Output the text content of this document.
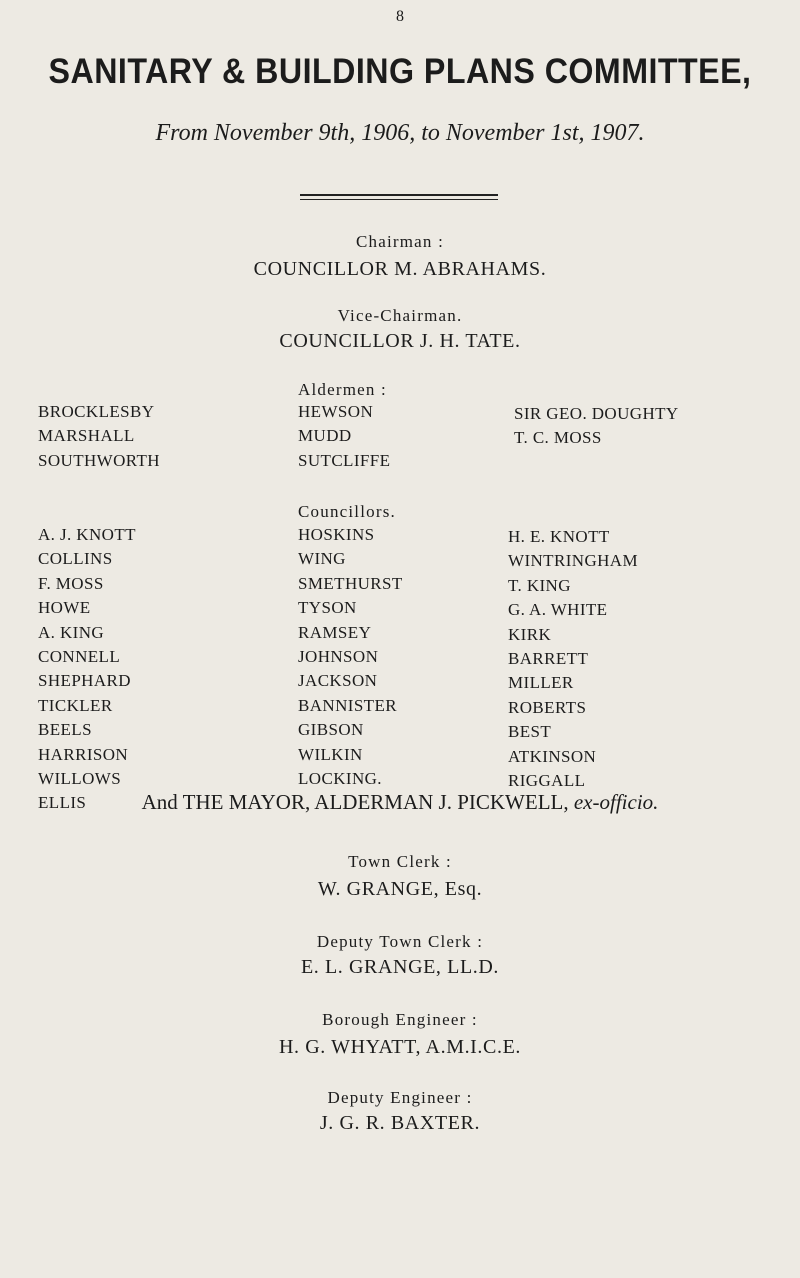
8
SANITARY & BUILDING PLANS COMMITTEE,
From November 9th, 1906, to November 1st, 1907.
Chairman :
COUNCILLOR M. ABRAHAMS.
Vice-Chairman.
COUNCILLOR J. H. TATE.
Aldermen :
BROCKLESBY
MARSHALL
SOUTHWORTH
HEWSON
MUDD
SUTCLIFFE
SIR GEO. DOUGHTY
T. C. MOSS
Councillors.
A. J. KNOTT
COLLINS
F. MOSS
HOWE
A. KING
CONNELL
SHEPHARD
TICKLER
BEELS
HARRISON
WILLOWS
ELLIS
HOSKINS
WING
SMETHURST
TYSON
RAMSEY
JOHNSON
JACKSON
BANNISTER
GIBSON
WILKIN
LOCKING.
H. E. KNOTT
WINTRINGHAM
T. KING
G. A. WHITE
KIRK
BARRETT
MILLER
ROBERTS
BEST
ATKINSON
RIGGALL
And THE MAYOR, ALDERMAN J. PICKWELL, ex-officio.
Town Clerk :
W. GRANGE, Esq.
Deputy Town Clerk :
E. L. GRANGE, LL.D.
Borough Engineer :
H. G. WHYATT, A.M.I.C.E.
Deputy Engineer :
J. G. R. BAXTER.
